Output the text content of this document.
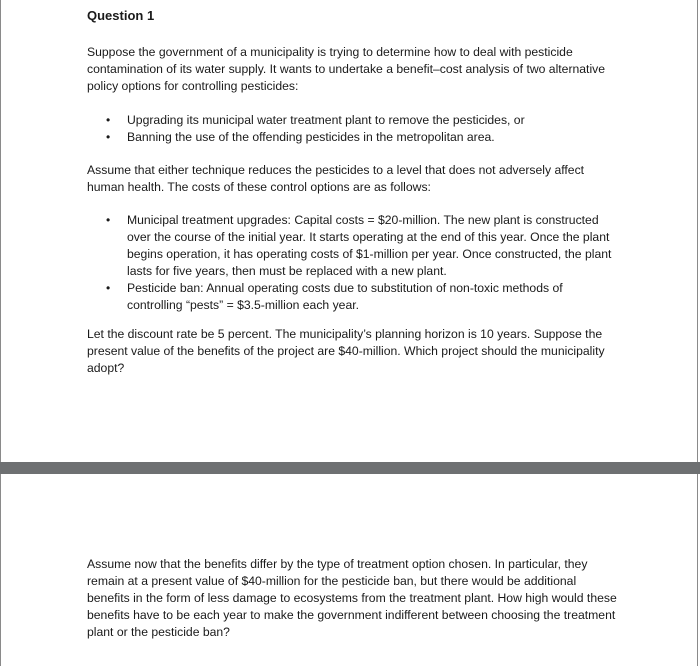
Question 1

Suppose the government of a municipality is trying to determine how to deal with pesticide contamination of its water supply. It wants to undertake a benefit–cost analysis of two alternative policy options for controlling pesticides:

• Upgrading its municipal water treatment plant to remove the pesticides, or
• Banning the use of the offending pesticides in the metropolitan area.

Assume that either technique reduces the pesticides to a level that does not adversely affect human health. The costs of these control options are as follows:

• Municipal treatment upgrades: Capital costs = $20-million. The new plant is constructed over the course of the initial year. It starts operating at the end of this year. Once the plant begins operation, it has operating costs of $1-million per year. Once constructed, the plant lasts for five years, then must be replaced with a new plant.
• Pesticide ban: Annual operating costs due to substitution of non-toxic methods of controlling “pests” = $3.5-million each year.

Let the discount rate be 5 percent. The municipality’s planning horizon is 10 years. Suppose the present value of the benefits of the project are $40-million. Which project should the municipality adopt?

Assume now that the benefits differ by the type of treatment option chosen. In particular, they remain at a present value of $40-million for the pesticide ban, but there would be additional benefits in the form of less damage to ecosystems from the treatment plant. How high would these benefits have to be each year to make the government indifferent between choosing the treatment plant or the pesticide ban?
